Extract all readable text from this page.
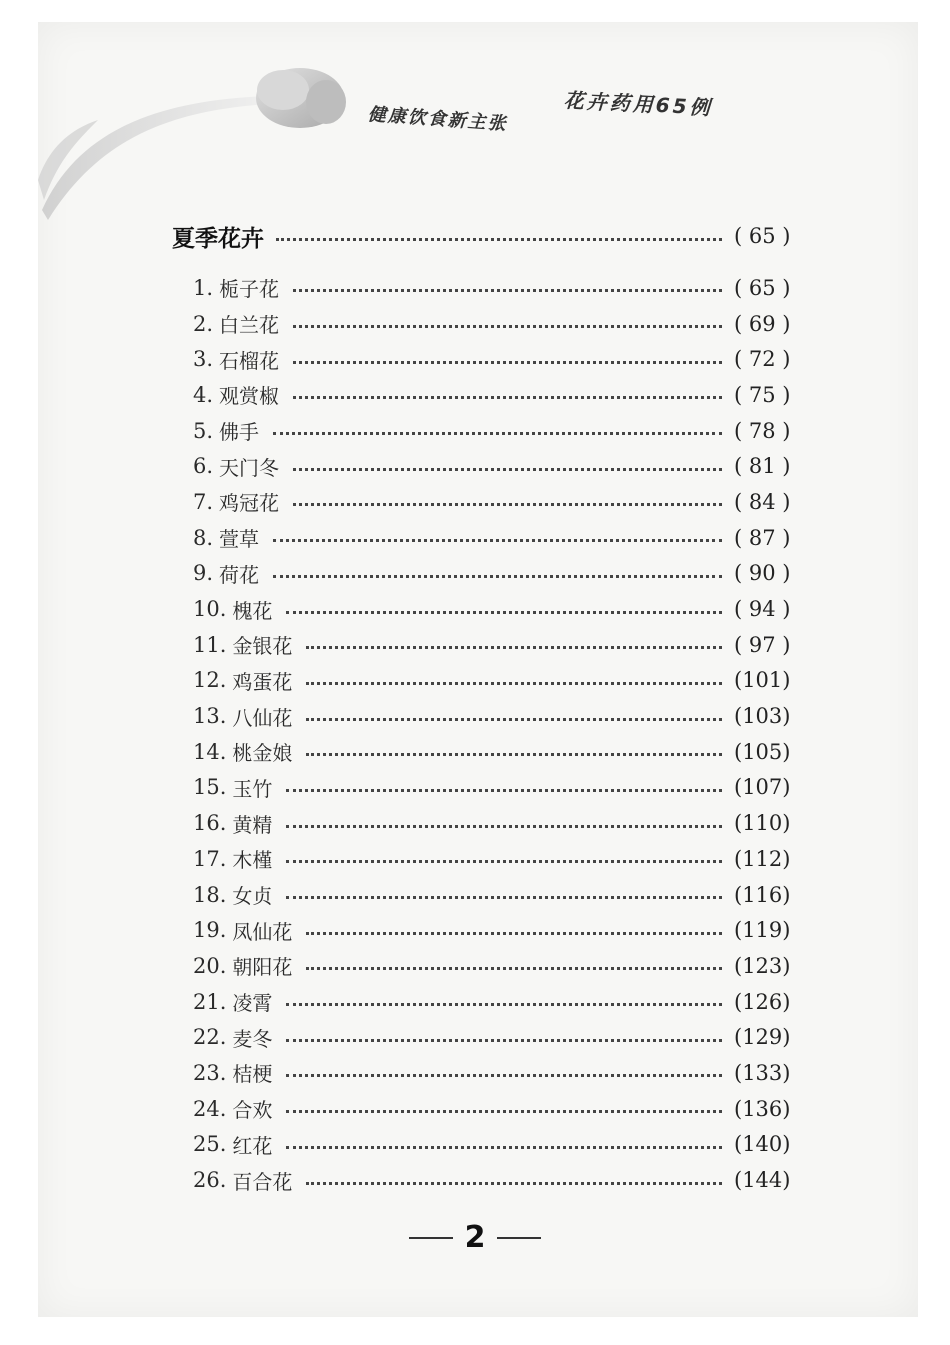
健康饮食新主张	花卉药用65例
夏季花卉	( 65 )
1. 栀子花	( 65 )
2. 白兰花	( 69 )
3. 石榴花	( 72 )
4. 观赏椒	( 75 )
5. 佛手	( 78 )
6. 天门冬	( 81 )
7. 鸡冠花	( 84 )
8. 萱草	( 87 )
9. 荷花	( 90 )
10. 槐花	( 94 )
11. 金银花	( 97 )
12. 鸡蛋花	(101)
13. 八仙花	(103)
14. 桃金娘	(105)
15. 玉竹	(107)
16. 黄精	(110)
17. 木槿	(112)
18. 女贞	(116)
19. 凤仙花	(119)
20. 朝阳花	(123)
21. 凌霄	(126)
22. 麦冬	(129)
23. 桔梗	(133)
24. 合欢	(136)
25. 红花	(140)
26. 百合花	(144)
2
